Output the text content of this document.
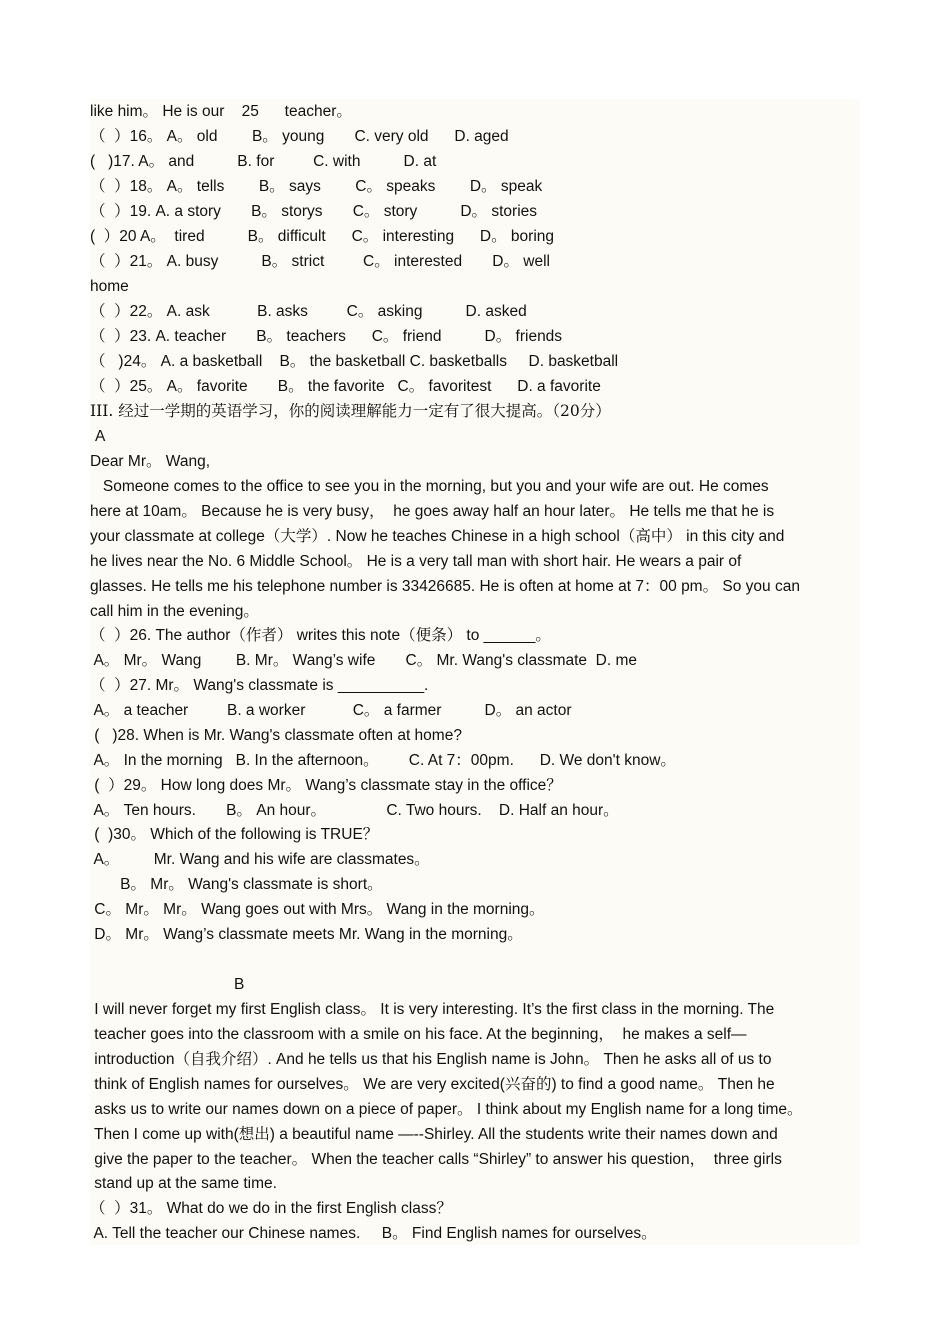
like him。 He is our    25      teacher。
（  ）16。 A。 old        B。 young       C. very old      D. aged
(   )17. A。 and          B. for         C. with          D. at
（  ）18。 A。 tells        B。 says        C。 speaks        D。 speak
（  ）19. A. a story       B。 storys       C。 story          D。 stories
(  ）20 A。  tired          B。 difficult      C。 interesting      D。 boring
（  ）21。 A. busy          B。 strict         C。 interested       D。 well
home
（  ）22。 A. ask           B. asks         C。 asking          D. asked
（  ）23. A. teacher       B。 teachers      C。 friend          D。 friends
（   )24。 A. a basketball    B。 the basketball C. basketballs     D. basketball
（  ）25。 A。 favorite       B。 the favorite   C。 favoritest      D. a favorite
III. 经过一学期的英语学习，你的阅读理解能力一定有了很大提高。（20分）
A
Dear Mr。 Wang,
Someone comes to the office to see you in the morning, but you and your wife are out. He comes
here at 10am。 Because he is very busy，  he goes away half an hour later。 He tells me that he is
your classmate at college（大学）. Now he teaches Chinese in a high school（高中） in this city and
he lives near the No. 6 Middle School。 He is a very tall man with short hair. He wears a pair of
glasses. He tells me his telephone number is 33426685. He is often at home at 7：00 pm。 So you can
call him in the evening。
（  ）26. The author（作者） writes this note（便条） to ______。
A。 Mr。 Wang        B. Mr。 Wang’s wife       C。 Mr. Wang's classmate  D. me
（  ）27. Mr。 Wang's classmate is __________.
A。 a teacher         B. a worker           C。 a farmer          D。 an actor
(   )28. When is Mr. Wang's classmate often at home?
A。 In the morning   B. In the afternoon。       C. At 7：00pm.      D. We don't know。
(  ）29。 How long does Mr。 Wang’s classmate stay in the office？
A。 Ten hours.       B。 An hour。              C. Two hours.    D. Half an hour。
(  )30。 Which of the following is TRUE？
A。        Mr. Wang and his wife are classmates。
B。 Mr。 Wang's classmate is short。
C。 Mr。 Mr。 Wang goes out with Mrs。 Wang in the morning。
D。 Mr。 Wang’s classmate meets Mr. Wang in the morning。
B
I will never forget my first English class。 It is very interesting. It’s the first class in the morning. The
teacher goes into the classroom with a smile on his face. At the beginning，  he makes a self—
introduction（自我介绍）. And he tells us that his English name is John。 Then he asks all of us to
think of English names for ourselves。 We are very excited(兴奋的) to find a good name。 Then he
asks us to write our names down on a piece of paper。 I think about my English name for a long time。
Then I come up with(想出) a beautiful name —--Shirley. All the students write their names down and
give the paper to the teacher。 When the teacher calls “Shirley” to answer his question，  three girls
stand up at the same time.
（  ）31。 What do we do in the first English class？
A. Tell the teacher our Chinese names.     B。 Find English names for ourselves。
